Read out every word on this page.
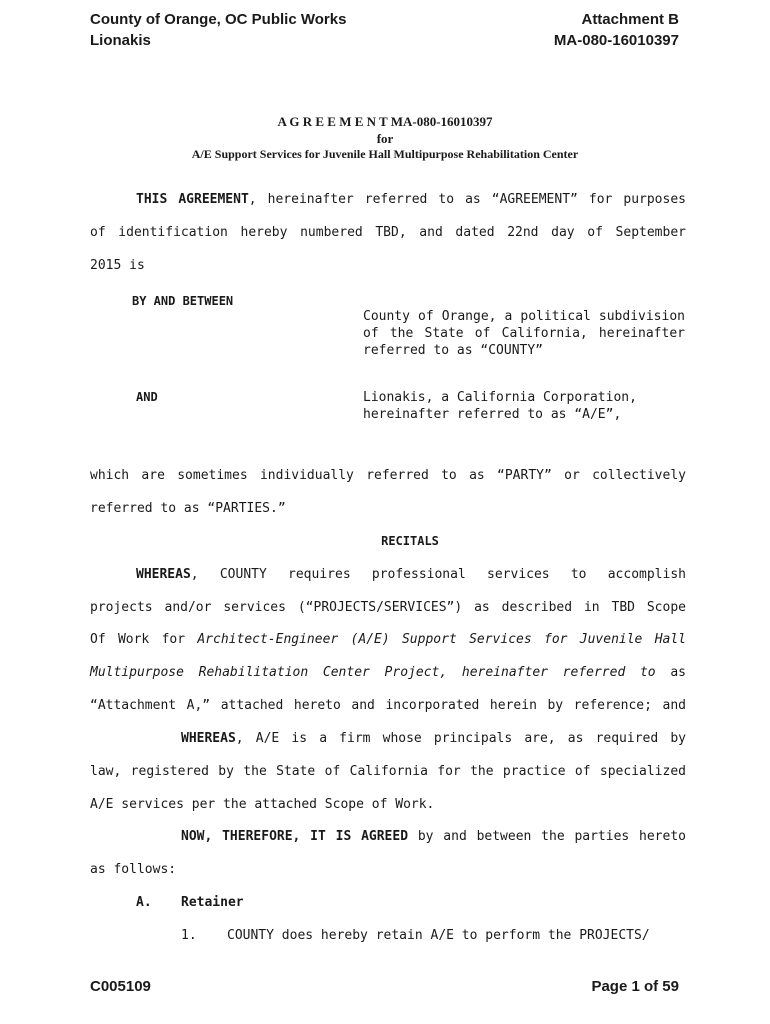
County of Orange, OC Public Works
Lionakis
Attachment B
MA-080-16010397
A G R E E M E N T MA-080-16010397
for
A/E Support Services for Juvenile Hall Multipurpose Rehabilitation Center
THIS AGREEMENT, hereinafter referred to as “AGREEMENT” for purposes
of identification hereby numbered TBD, and dated 22nd day of September
2015 is
BY AND BETWEEN
County of Orange, a political subdivision of the State of California, hereinafter referred to as “COUNTY”
AND	Lionakis, a California Corporation,
hereinafter referred to as “A/E”,
which are sometimes individually referred to as “PARTY” or collectively
referred to as “PARTIES.”
RECITALS
WHEREAS, COUNTY requires professional services to accomplish
projects and/or services (“PROJECTS/SERVICES”) as described in TBD Scope
Of Work for Architect-Engineer (A/E) Support Services for Juvenile Hall
Multipurpose Rehabilitation Center Project, hereinafter referred to as
“Attachment A,” attached hereto and incorporated herein by reference; and
WHEREAS, A/E is a firm whose principals are, as required by
law, registered by the State of California for the practice of specialized
A/E services per the attached Scope of Work.
NOW, THEREFORE, IT IS AGREED by and between the parties hereto
as follows:
A. Retainer
1. COUNTY does hereby retain A/E to perform the PROJECTS/
C005109	Page 1 of 59
